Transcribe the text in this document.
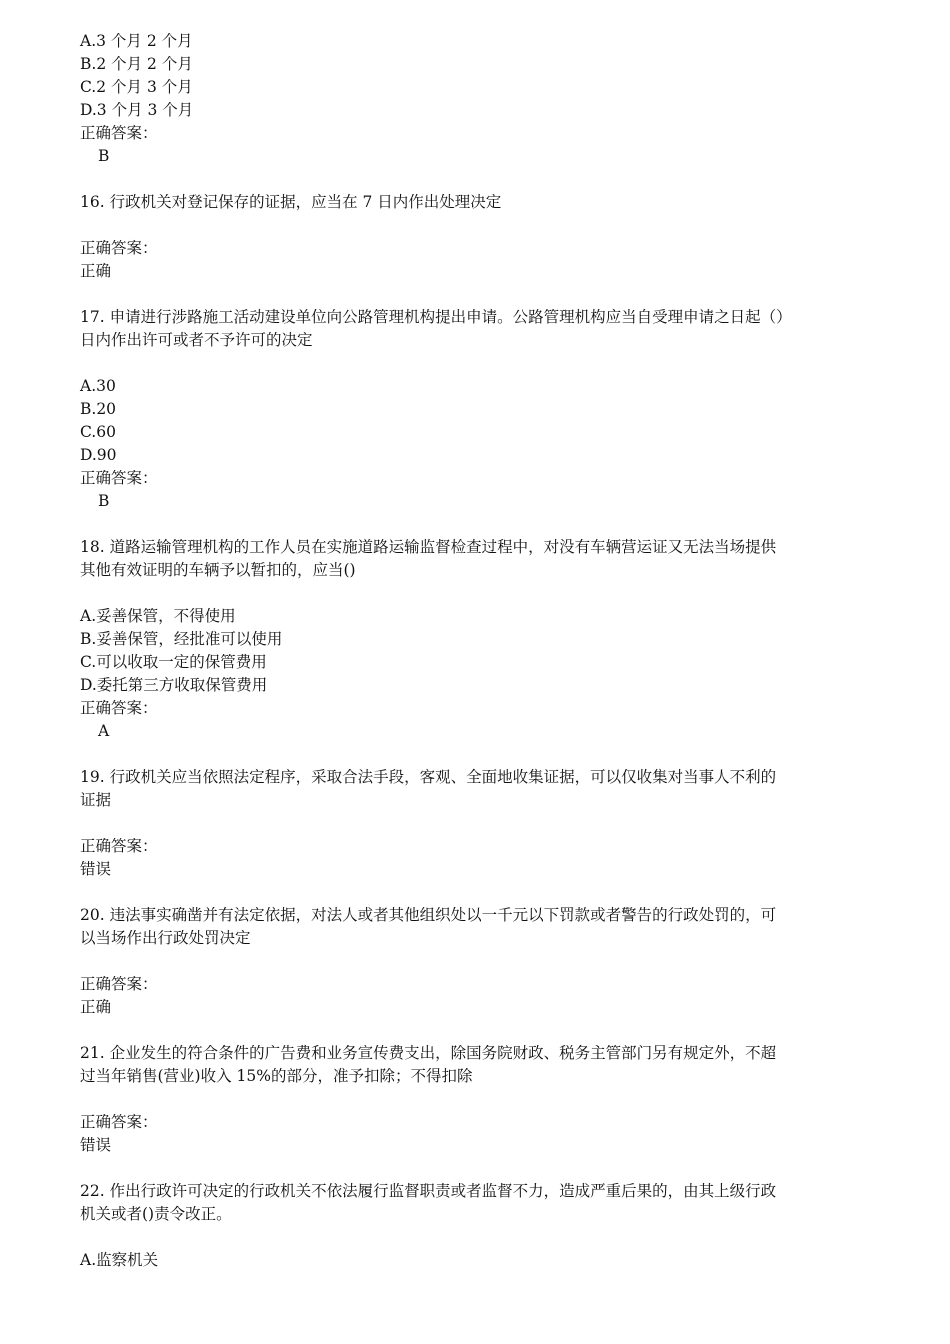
A.3 个月 2 个月
B.2 个月 2 个月
C.2 个月 3 个月
D.3 个月 3 个月
正确答案：
B
16. 行政机关对登记保存的证据，应当在 7 日内作出处理决定
正确答案：
正确
17. 申请进行涉路施工活动建设单位向公路管理机构提出申请。公路管理机构应当自受理申请之日起（）
日内作出许可或者不予许可的决定
A.30
B.20
C.60
D.90
正确答案：
B
18. 道路运输管理机构的工作人员在实施道路运输监督检查过程中，对没有车辆营运证又无法当场提供
其他有效证明的车辆予以暂扣的，应当()
A.妥善保管，不得使用
B.妥善保管，经批准可以使用
C.可以收取一定的保管费用
D.委托第三方收取保管费用
正确答案：
A
19. 行政机关应当依照法定程序，采取合法手段，客观、全面地收集证据，可以仅收集对当事人不利的
证据
正确答案：
错误
20. 违法事实确凿并有法定依据，对法人或者其他组织处以一千元以下罚款或者警告的行政处罚的，可
以当场作出行政处罚决定
正确答案：
正确
21. 企业发生的符合条件的广告费和业务宣传费支出，除国务院财政、税务主管部门另有规定外，不超
过当年销售(营业)收入 15%的部分，准予扣除；不得扣除
正确答案：
错误
22. 作出行政许可决定的行政机关不依法履行监督职责或者监督不力，造成严重后果的，由其上级行政
机关或者()责令改正。
A.监察机关
